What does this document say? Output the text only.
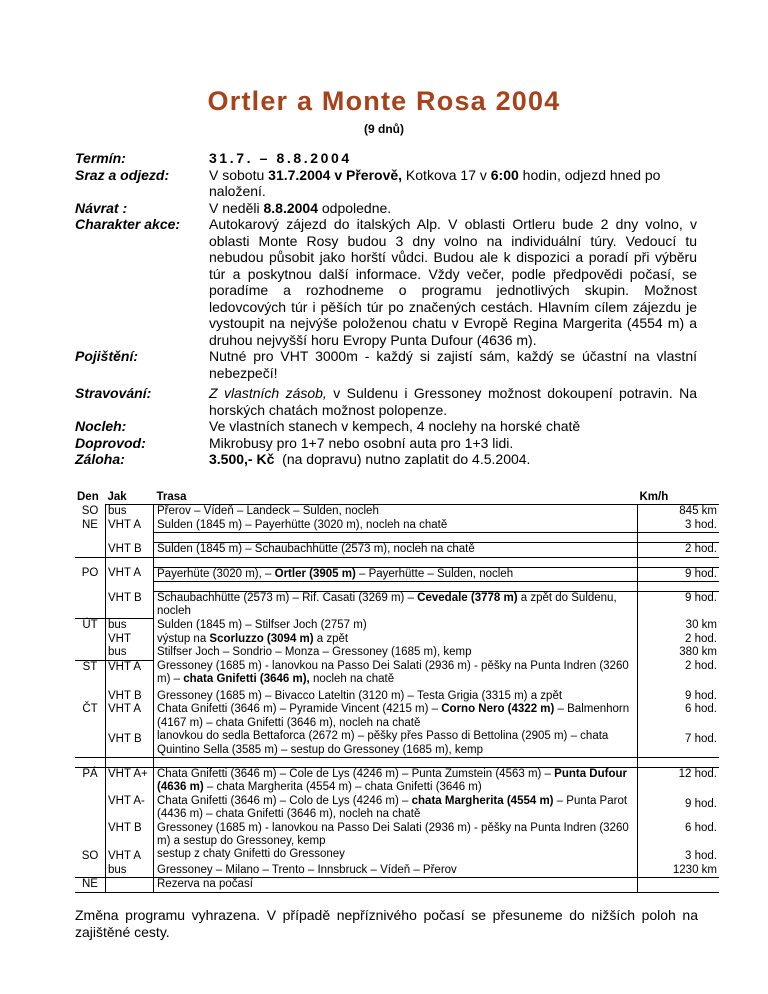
Ortler a Monte Rosa 2004
(9 dnů)
Termín:	31.7. – 8.8.2004
Sraz a odjezd:	V sobotu 31.7.2004 v Přerově, Kotkova 17 v 6:00 hodin, odjezd hned po naložení.
Návrat :	V neděli 8.8.2004 odpoledne.
Charakter akce:	Autokarový zájezd do italských Alp. V oblasti Ortleru bude 2 dny volno, v oblasti Monte Rosy budou 3 dny volno na individuální túry. Vedoucí tu nebudou působit jako horští vůdci. Budou ale k dispozici a poradí při výběru túr a poskytnou další informace. Vždy večer, podle předpovědi počasí, se poradíme a rozhodneme o programu jednotlivých skupin. Možnost ledovcových túr i pěších túr po značených cestách. Hlavním cílem zájezdu je vystoupit na nejvýše položenou chatu v Evropě Regina Margerita (4554 m) a druhou nejvyšší horu Evropy Punta Dufour (4636 m).
Pojištění:	Nutné pro VHT 3000m - každý si zajistí sám, každý se účastní na vlastní nebezpečí!
Stravování:	Z vlastních zásob, v Suldenu i Gressoney možnost dokoupení potravin. Na horských chatách možnost polopenze.
Nocleh:	Ve vlastních stanech v kempech, 4 noclehy na horské chatě
Doprovod:	Mikrobusy pro 1+7 nebo osobní auta pro 1+3 lidi.
Záloha:	3.500,- Kč  (na dopravu) nutno zaplatit do 4.5.2004.
Den	Jak	Trasa	Km/h
SO	bus	Přerov – Vídeň – Landeck – Sulden, nocleh	845 km
NE	VHT A	Sulden (1845 m) – Payerhütte (3020 m), nocleh na chatě	3 hod.

	VHT B	Sulden (1845 m) – Schaubachhütte (2573 m), nocleh na chatě	2 hod.

PO	VHT A	Payerhüte (3020 m), – Ortler (3905 m) – Payerhütte – Sulden, nocleh	9 hod.

	VHT B	Schaubachhütte (2573 m) – Rif. Casati (3269 m) – Cevedale (3778 m) a zpět do Suldenu, nocleh	9 hod.
ÚT	bus	Sulden (1845 m) – Stilfser Joch (2757 m)	30 km
	VHT	výstup na Scorluzzo (3094 m) a zpět	2 hod.
	bus	Stilfser Joch – Sondrio – Monza – Gressoney (1685 m), kemp	380 km
ST	VHT A	Gressoney (1685 m) - lanovkou na Passo Dei Salati (2936 m) - pěšky na Punta Indren (3260 m) – chata Gnifetti (3646 m), nocleh na chatě	2 hod.
	VHT B	Gressoney (1685 m) – Bivacco Lateltin (3120 m) – Testa Grigia (3315 m) a zpět	9 hod.
ČT	VHT A	Chata Gnifetti (3646 m) – Pyramide Vincent (4215 m) – Corno Nero (4322 m) – Balmenhorn (4167 m) – chata Gnifetti (3646 m), nocleh na chatě	6 hod.
	VHT B	lanovkou do sedla Bettaforca (2672 m) – pěšky přes Passo di Bettolina (2905 m) – chata Quintino Sella (3585 m) – sestup do Gressoney (1685 m), kemp	7 hod.

PÁ	VHT A+	Chata Gnifetti (3646 m) – Cole de Lys (4246 m) – Punta Zumstein (4563 m) – Punta Dufour (4636 m) – chata Margherita (4554 m) – chata Gnifetti (3646 m)	12 hod.
	VHT A-	Chata Gnifetti (3646 m) – Colo de Lys (4246 m) – chata Margherita (4554 m) – Punta Parot (4436 m) – chata Gnifetti (3646 m), nocleh na chatě	9 hod.
	VHT B	Gressoney (1685 m) - lanovkou na Passo Dei Salati (2936 m) - pěšky na Punta Indren (3260 m) a sestup do Gressoney, kemp	6 hod.
SO	VHT A	sestup z chaty Gnifetti do Gressoney	3 hod.
	bus	Gressoney – Milano – Trento – Innsbruck – Vídeň – Přerov	1230 km
NE		Rezerva na počasí	
Změna programu vyhrazena. V případě nepříznivého počasí se přesuneme do nižších poloh na zajištěné cesty.
